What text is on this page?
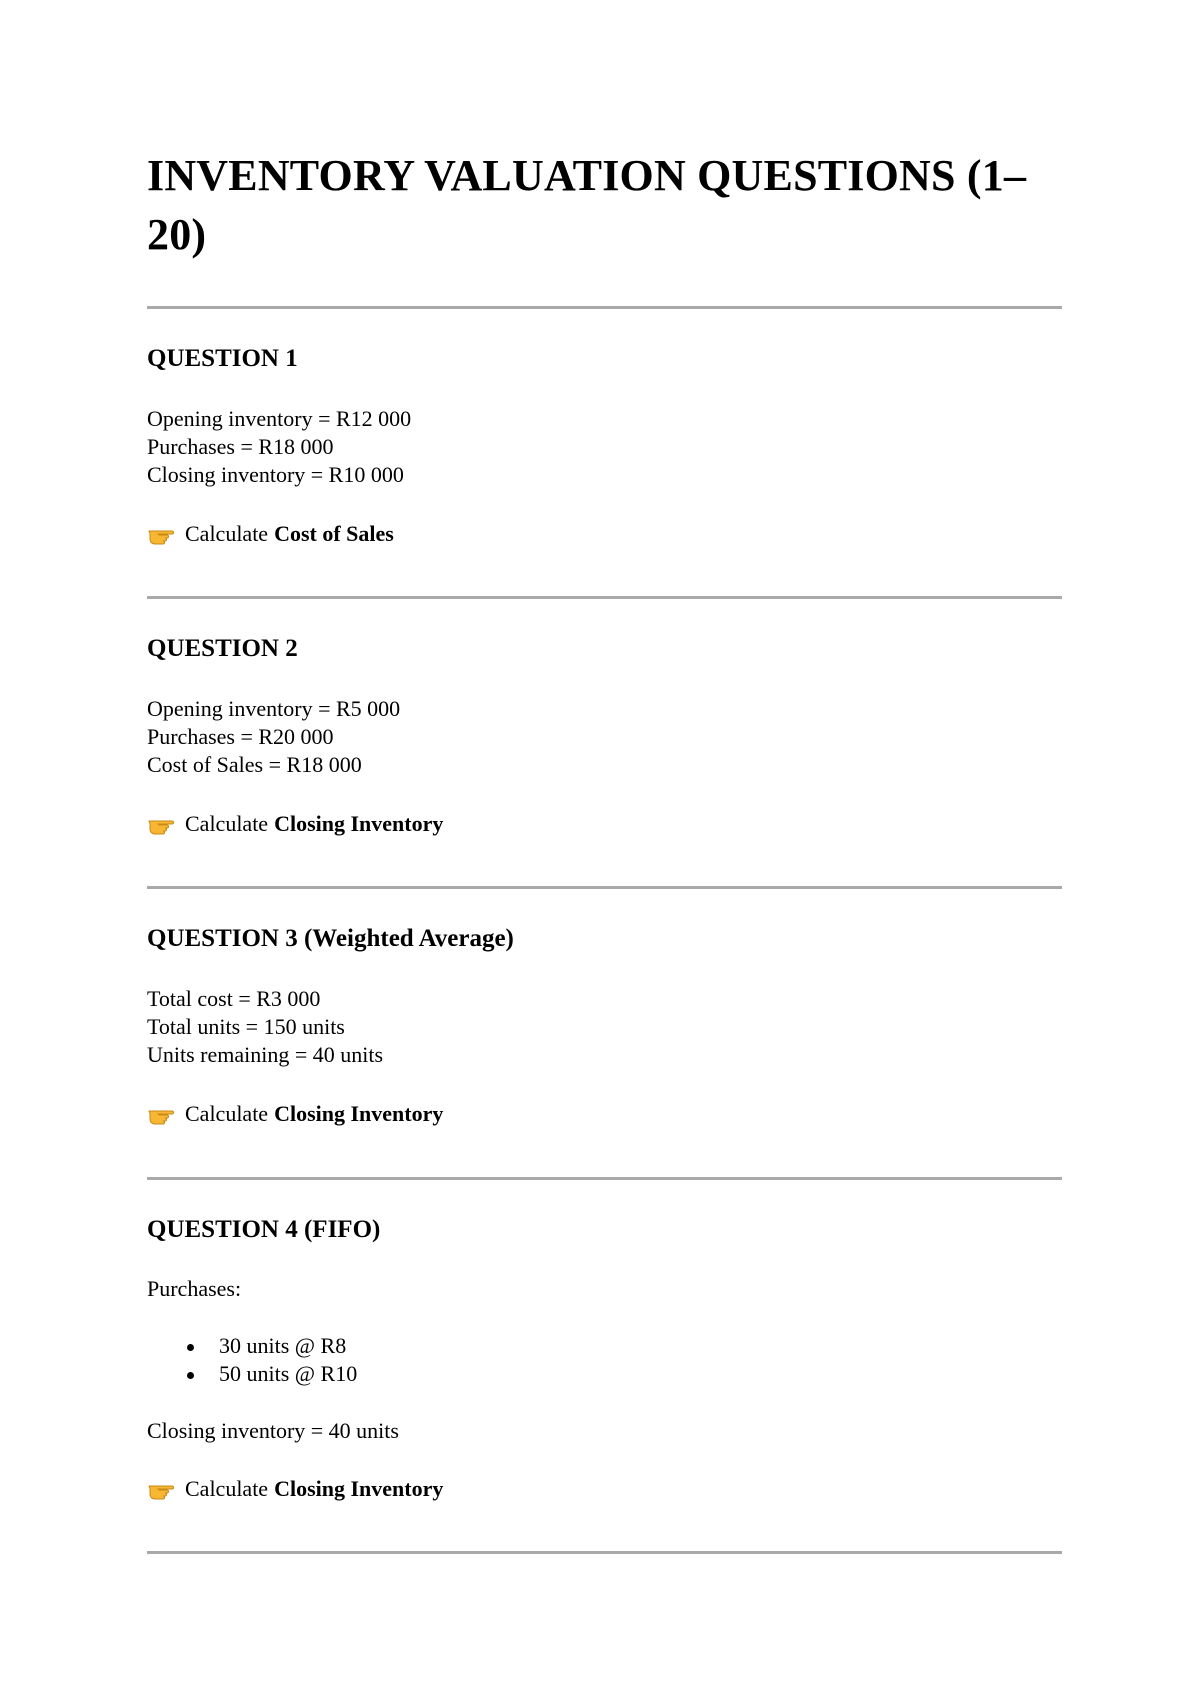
INVENTORY VALUATION QUESTIONS (1–20)
QUESTION 1
Opening inventory = R12 000
Purchases = R18 000
Closing inventory = R10 000
Calculate Cost of Sales
QUESTION 2
Opening inventory = R5 000
Purchases = R20 000
Cost of Sales = R18 000
Calculate Closing Inventory
QUESTION 3 (Weighted Average)
Total cost = R3 000
Total units = 150 units
Units remaining = 40 units
Calculate Closing Inventory
QUESTION 4 (FIFO)
Purchases:
30 units @ R8
50 units @ R10
Closing inventory = 40 units
Calculate Closing Inventory
